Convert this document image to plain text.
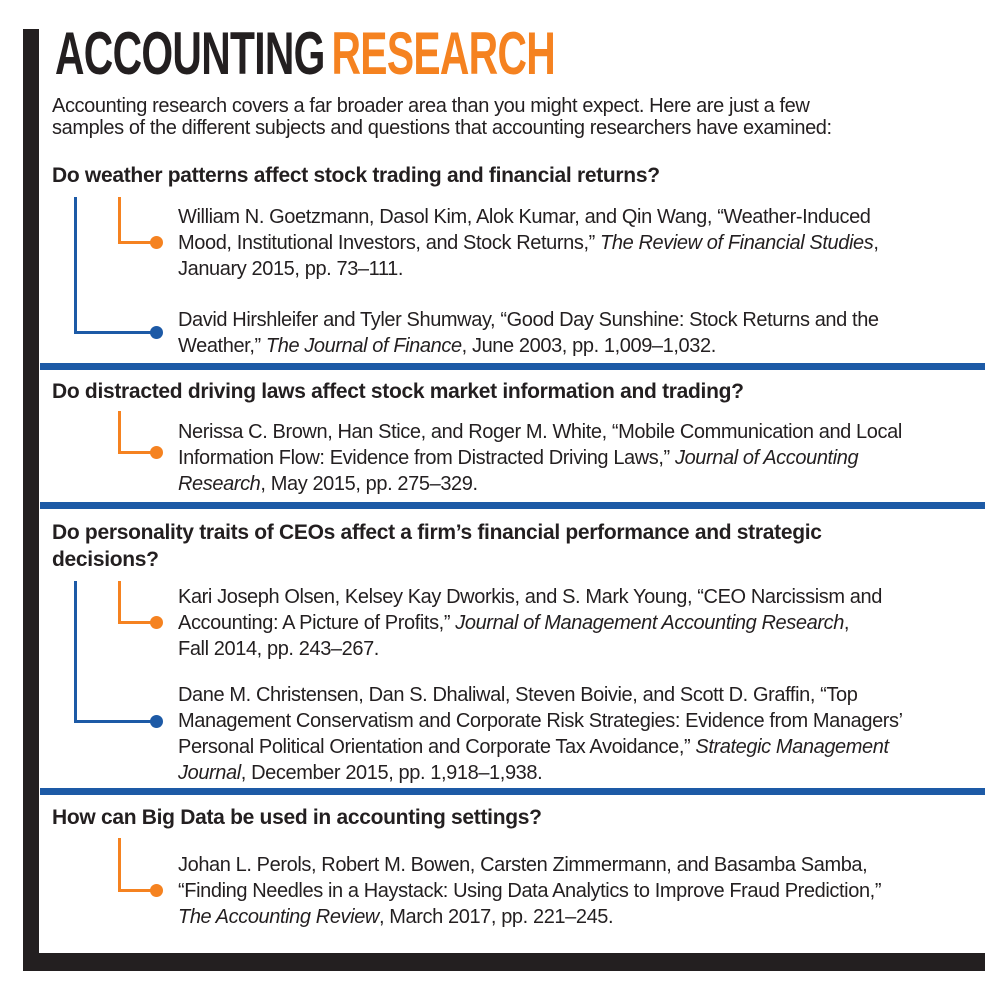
ACCOUNTING RESEARCH
Accounting research covers a far broader area than you might expect. Here are just a few
samples of the different subjects and questions that accounting researchers have examined:
Do weather patterns affect stock trading and financial returns?
William N. Goetzmann, Dasol Kim, Alok Kumar, and Qin Wang, “Weather-Induced
Mood, Institutional Investors, and Stock Returns,” The Review of Financial Studies,
January 2015, pp. 73–111.
David Hirshleifer and Tyler Shumway, “Good Day Sunshine: Stock Returns and the
Weather,” The Journal of Finance, June 2003, pp. 1,009–1,032.
Do distracted driving laws affect stock market information and trading?
Nerissa C. Brown, Han Stice, and Roger M. White, “Mobile Communication and Local
Information Flow: Evidence from Distracted Driving Laws,” Journal of Accounting
Research, May 2015, pp. 275–329.
Do personality traits of CEOs affect a firm’s financial performance and strategic
decisions?
Kari Joseph Olsen, Kelsey Kay Dworkis, and S. Mark Young, “CEO Narcissism and
Accounting: A Picture of Profits,” Journal of Management Accounting Research,
Fall 2014, pp. 243–267.
Dane M. Christensen, Dan S. Dhaliwal, Steven Boivie, and Scott D. Graffin, “Top
Management Conservatism and Corporate Risk Strategies: Evidence from Managers’
Personal Political Orientation and Corporate Tax Avoidance,” Strategic Management
Journal, December 2015, pp. 1,918–1,938.
How can Big Data be used in accounting settings?
Johan L. Perols, Robert M. Bowen, Carsten Zimmermann, and Basamba Samba,
“Finding Needles in a Haystack: Using Data Analytics to Improve Fraud Prediction,”
The Accounting Review, March 2017, pp. 221–245.
